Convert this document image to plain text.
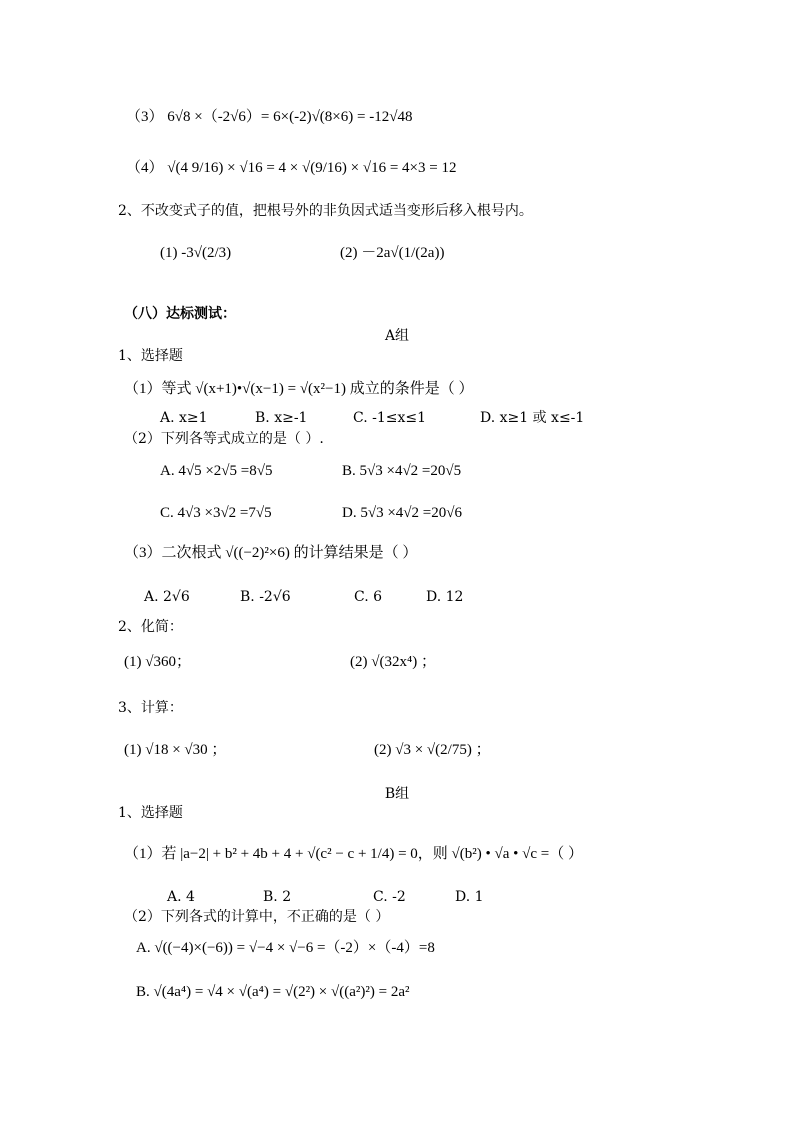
（3） 6√8 ×（-2√6）= 6×(-2)√(8×6) = -12√48
（4） √(4 9/16) × √16 = 4 × √(9/16) × √16 = 4×3 = 12
2、不改变式子的值，把根号外的非负因式适当变形后移入根号内。
(1) -3√(2/3)	(2) －2a√(1/(2a))
（八）达标测试：
A组
1、选择题
（1）等式 √(x+1)•√(x−1) = √(x²−1) 成立的条件是（ ）
A. x≥1	B. x≥-1	C. -1≤x≤1	D. x≥1 或 x≤-1
（2）下列各等式成立的是（ ）.
A. 4√5 ×2√5 =8√5	B. 5√3 ×4√2 =20√5
C. 4√3 ×3√2 =7√5	D. 5√3 ×4√2 =20√6
（3）二次根式 √((−2)²×6) 的计算结果是（ ）
A. 2√6	B. -2√6	C. 6	D. 12
2、化简：
(1) √360；	(2) √(32x⁴) ；
3、计算：
(1) √18 × √30 ；	(2) √3 × √(2/75) ；
B组
1、选择题
（1）若 |a−2| + b² + 4b + 4 + √(c² − c + 1/4) = 0，则 √(b²) • √a • √c =（ ）
A. 4	B. 2	C. -2	D. 1
（2）下列各式的计算中，不正确的是（ ）
A. √((−4)×(−6)) = √−4 × √−6 =（-2）×（-4）=8
B. √(4a⁴) = √4 × √(a⁴) = √(2²) × √((a²)²) = 2a²
